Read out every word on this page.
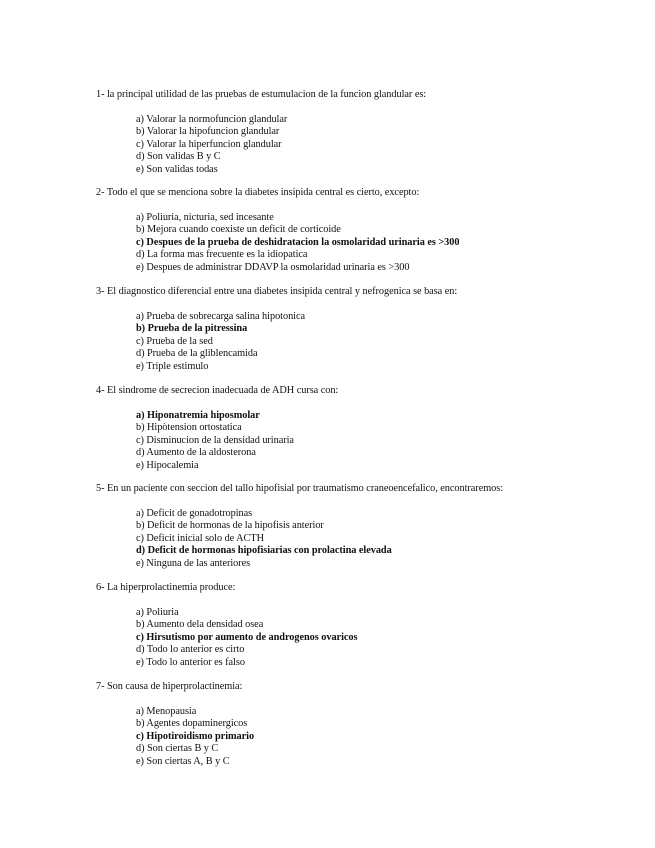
1- la principal utilidad de las pruebas de estumulacion de la funcion glandular es:
a) Valorar la normofuncion glandular
b) Valorar la hipofuncion glandular
c) Valorar la hiperfuncion glandular
d) Son validas B y C
e) Son validas todas
2- Todo el que se menciona sobre la diabetes insipida central es cierto, excepto:
a) Poliuria, nicturia, sed incesante
b) Mejora cuando coexiste un deficit de corticoide
c) Despues de la prueba de deshidratacion la osmolaridad urinaria es >300
d) La forma mas frecuente es la idiopatica
e) Despues de administrar DDAVP la osmolaridad urinaria es >300
3- El diagnostico diferencial entre una diabetes insipida central y nefrogenica se basa en:
a) Prueba de sobrecarga salina hipotonica
b) Prueba de la pitressina
c) Prueba de la sed
d) Prueba de la gliblencamida
e) Triple estimulo
4- El sindrome de secrecion inadecuada de ADH cursa con:
a) Hiponatremia hiposmolar
b) Hipòtension ortostatica
c) Disminucion de la densidad urinaria
d) Aumento de la aldosterona
e) Hipocalemia
5- En un paciente con seccion del tallo hipofisial por traumatismo craneoencefalico, encontraremos:
a) Deficit de gonadotropinas
b) Deficit de hormonas de la hipofisis anterior
c) Deficit inicial solo de ACTH
d) Deficit de hormonas hipofisiarias con prolactina elevada
e) Ninguna de las anteriores
6- La hiperprolactinemia produce:
a) Poliuria
b) Aumento dela densidad osea
c) Hirsutismo por aumento de androgenos ovaricos
d) Todo lo anterior es cirto
e) Todo lo anterior es falso
7- Son causa de hiperprolactinemia:
a) Menopausia
b) Agentes dopaminergicos
c) Hipotiroidismo primario
d) Son ciertas B y C
e) Son ciertas A, B y C
